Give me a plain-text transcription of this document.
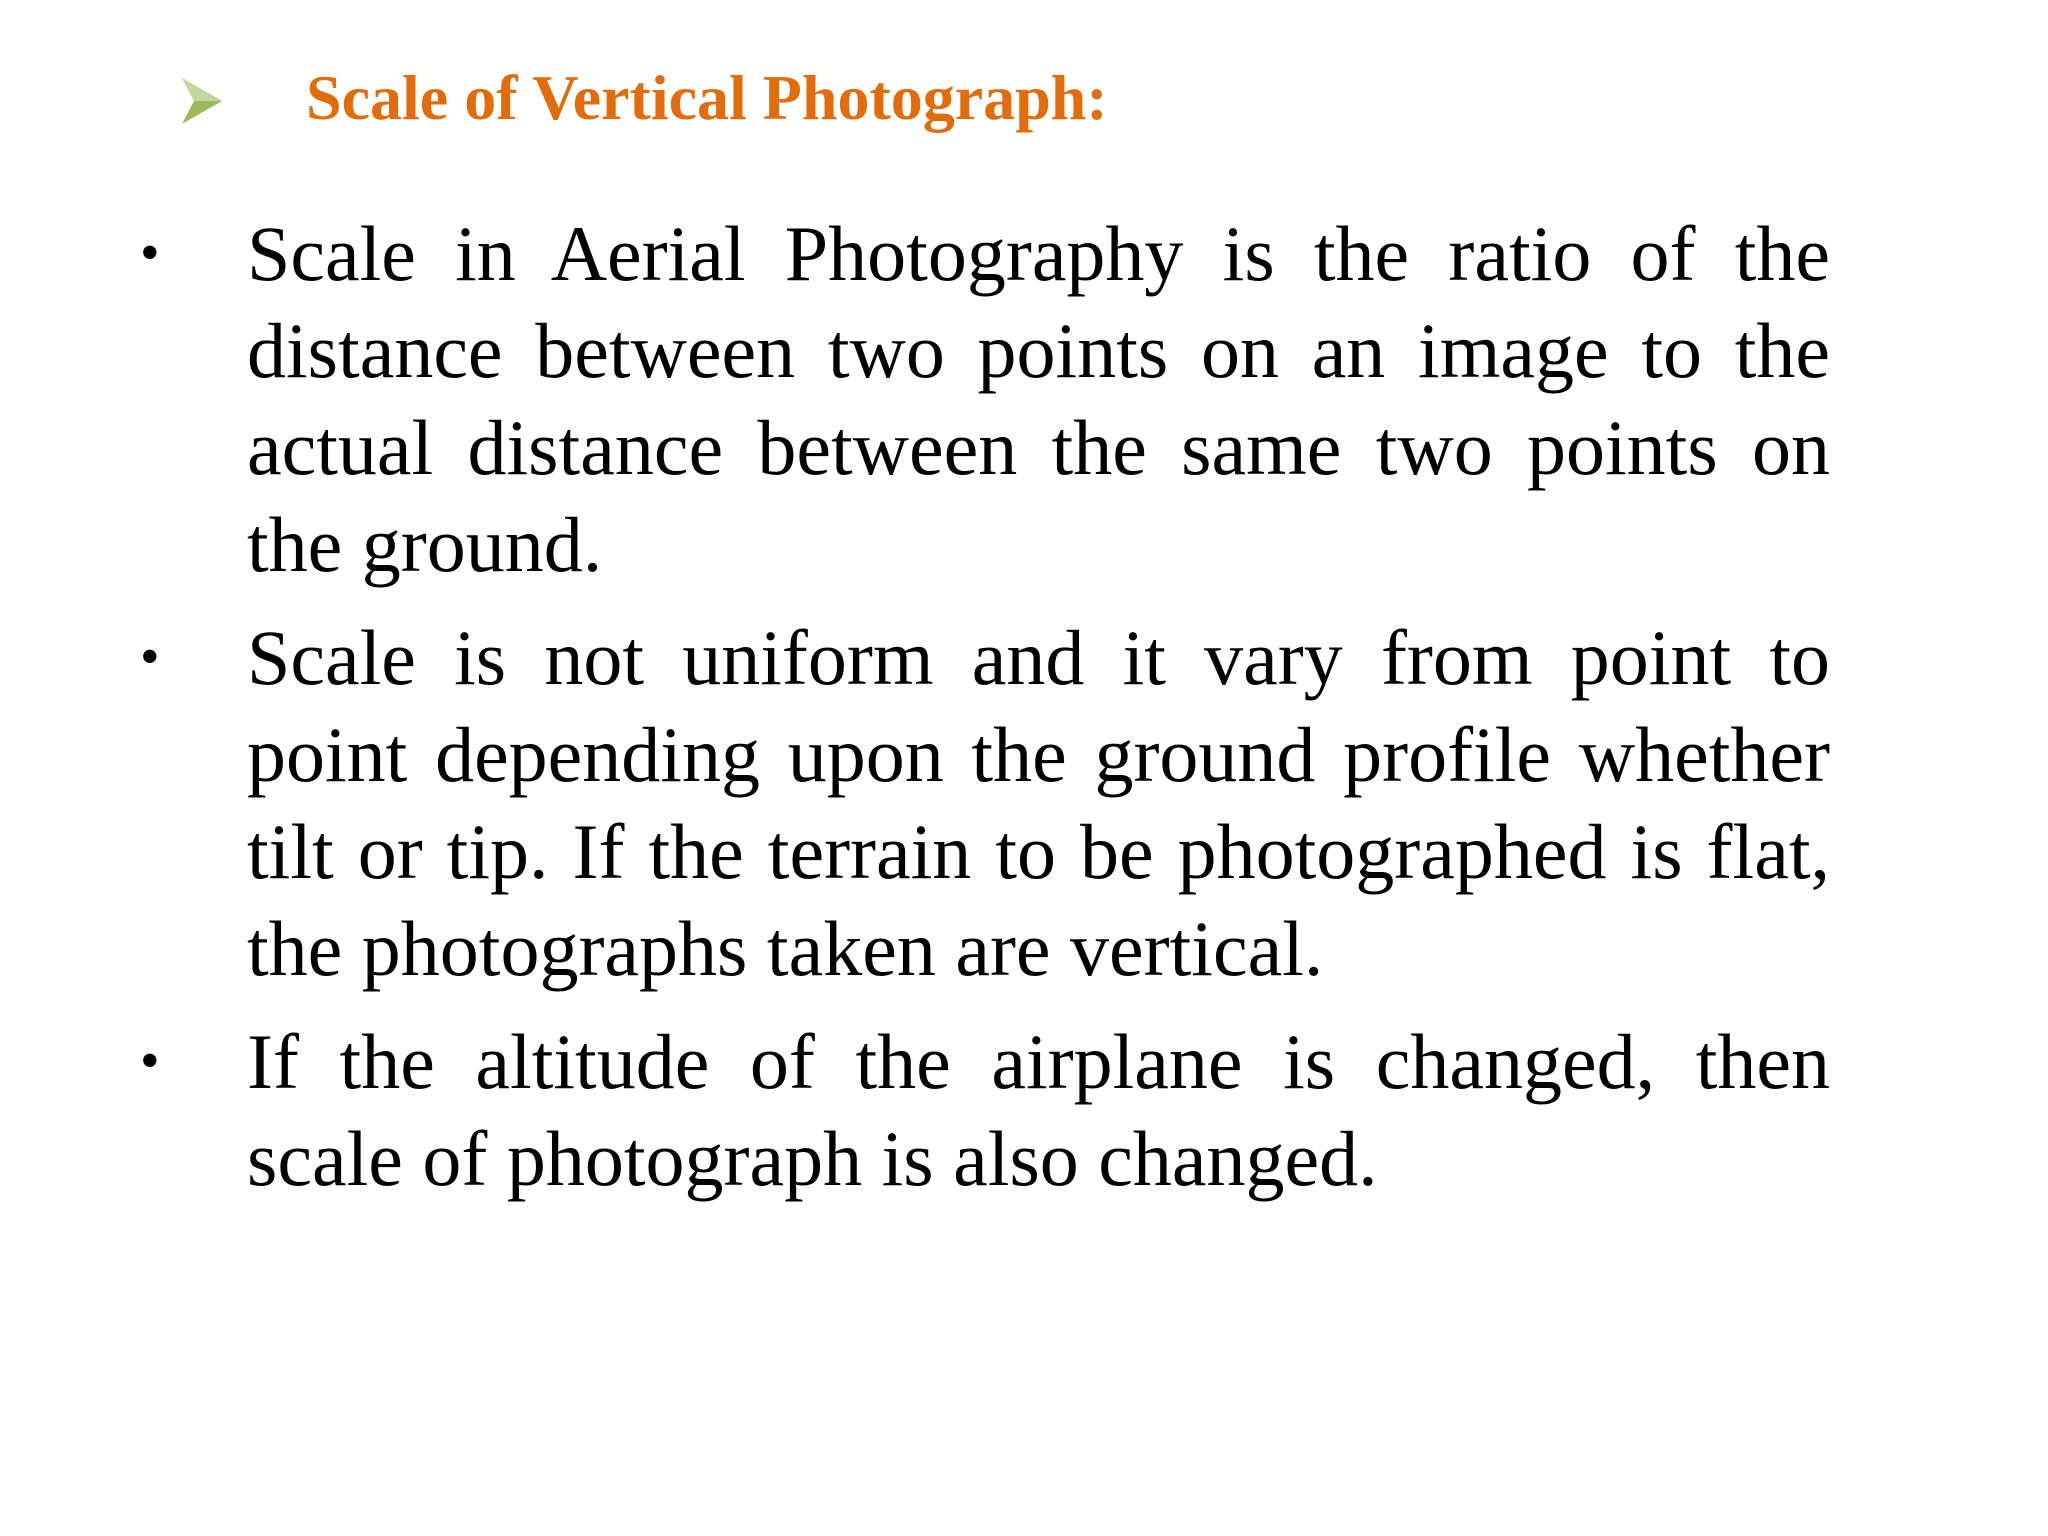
Scale of Vertical Photograph:
•	Scale in Aerial Photography is the ratio of the distance between two points on an image to the actual distance between the same two points on the ground.
•	Scale is not uniform and it vary from point to point depending upon the ground profile whether tilt or tip. If the terrain to be photographed is flat, the photographs taken are vertical.
•	If the altitude of the airplane is changed, then scale of photograph is also changed.
